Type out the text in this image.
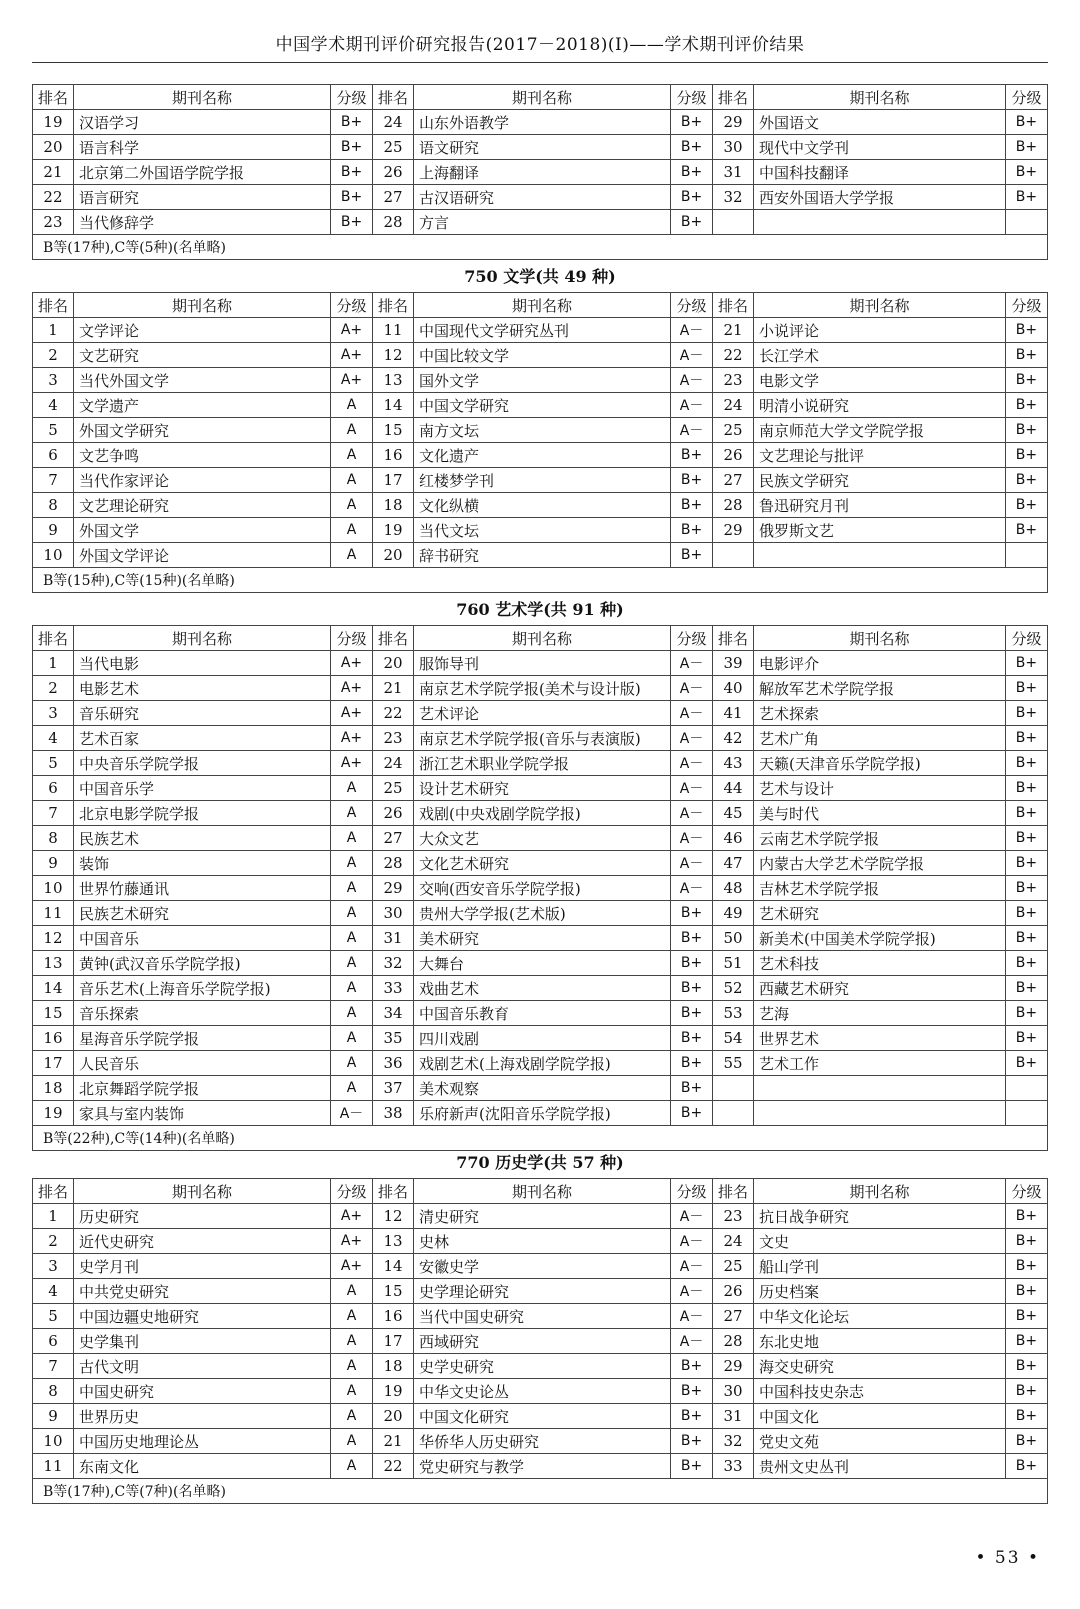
中国学术期刊评价研究报告(2017－2018)(Ⅰ)——学术期刊评价结果
排名	期刊名称	分级	排名	期刊名称	分级	排名	期刊名称	分级
19	汉语学习	B+	24	山东外语教学	B+	29	外国语文	B+
20	语言科学	B+	25	语文研究	B+	30	现代中文学刊	B+
21	北京第二外国语学院学报	B+	26	上海翻译	B+	31	中国科技翻译	B+
22	语言研究	B+	27	古汉语研究	B+	32	西安外国语大学学报	B+
23	当代修辞学	B+	28	方言	B+			
B等(17种),C等(5种)(名单略)								
750 文学(共 49 种)
排名	期刊名称	分级	排名	期刊名称	分级	排名	期刊名称	分级
1	文学评论	A+	11	中国现代文学研究丛刊	A－	21	小说评论	B+
2	文艺研究	A+	12	中国比较文学	A－	22	长江学术	B+
3	当代外国文学	A+	13	国外文学	A－	23	电影文学	B+
4	文学遗产	A	14	中国文学研究	A－	24	明清小说研究	B+
5	外国文学研究	A	15	南方文坛	A－	25	南京师范大学文学院学报	B+
6	文艺争鸣	A	16	文化遗产	B+	26	文艺理论与批评	B+
7	当代作家评论	A	17	红楼梦学刊	B+	27	民族文学研究	B+
8	文艺理论研究	A	18	文化纵横	B+	28	鲁迅研究月刊	B+
9	外国文学	A	19	当代文坛	B+	29	俄罗斯文艺	B+
10	外国文学评论	A	20	辞书研究	B+			
B等(15种),C等(15种)(名单略)								
760 艺术学(共 91 种)
排名	期刊名称	分级	排名	期刊名称	分级	排名	期刊名称	分级
1	当代电影	A+	20	服饰导刊	A－	39	电影评介	B+
2	电影艺术	A+	21	南京艺术学院学报(美术与设计版)	A－	40	解放军艺术学院学报	B+
3	音乐研究	A+	22	艺术评论	A－	41	艺术探索	B+
4	艺术百家	A+	23	南京艺术学院学报(音乐与表演版)	A－	42	艺术广角	B+
5	中央音乐学院学报	A+	24	浙江艺术职业学院学报	A－	43	天籁(天津音乐学院学报)	B+
6	中国音乐学	A	25	设计艺术研究	A－	44	艺术与设计	B+
7	北京电影学院学报	A	26	戏剧(中央戏剧学院学报)	A－	45	美与时代	B+
8	民族艺术	A	27	大众文艺	A－	46	云南艺术学院学报	B+
9	装饰	A	28	文化艺术研究	A－	47	内蒙古大学艺术学院学报	B+
10	世界竹藤通讯	A	29	交响(西安音乐学院学报)	A－	48	吉林艺术学院学报	B+
11	民族艺术研究	A	30	贵州大学学报(艺术版)	B+	49	艺术研究	B+
12	中国音乐	A	31	美术研究	B+	50	新美术(中国美术学院学报)	B+
13	黄钟(武汉音乐学院学报)	A	32	大舞台	B+	51	艺术科技	B+
14	音乐艺术(上海音乐学院学报)	A	33	戏曲艺术	B+	52	西藏艺术研究	B+
15	音乐探索	A	34	中国音乐教育	B+	53	艺海	B+
16	星海音乐学院学报	A	35	四川戏剧	B+	54	世界艺术	B+
17	人民音乐	A	36	戏剧艺术(上海戏剧学院学报)	B+	55	艺术工作	B+
18	北京舞蹈学院学报	A	37	美术观察	B+			
19	家具与室内装饰	A－	38	乐府新声(沈阳音乐学院学报)	B+			
B等(22种),C等(14种)(名单略)								
770 历史学(共 57 种)
排名	期刊名称	分级	排名	期刊名称	分级	排名	期刊名称	分级
1	历史研究	A+	12	清史研究	A－	23	抗日战争研究	B+
2	近代史研究	A+	13	史林	A－	24	文史	B+
3	史学月刊	A+	14	安徽史学	A－	25	船山学刊	B+
4	中共党史研究	A	15	史学理论研究	A－	26	历史档案	B+
5	中国边疆史地研究	A	16	当代中国史研究	A－	27	中华文化论坛	B+
6	史学集刊	A	17	西域研究	A－	28	东北史地	B+
7	古代文明	A	18	史学史研究	B+	29	海交史研究	B+
8	中国史研究	A	19	中华文史论丛	B+	30	中国科技史杂志	B+
9	世界历史	A	20	中国文化研究	B+	31	中国文化	B+
10	中国历史地理论丛	A	21	华侨华人历史研究	B+	32	党史文苑	B+
11	东南文化	A	22	党史研究与教学	B+	33	贵州文史丛刊	B+
B等(17种),C等(7种)(名单略)								
• 53 •
